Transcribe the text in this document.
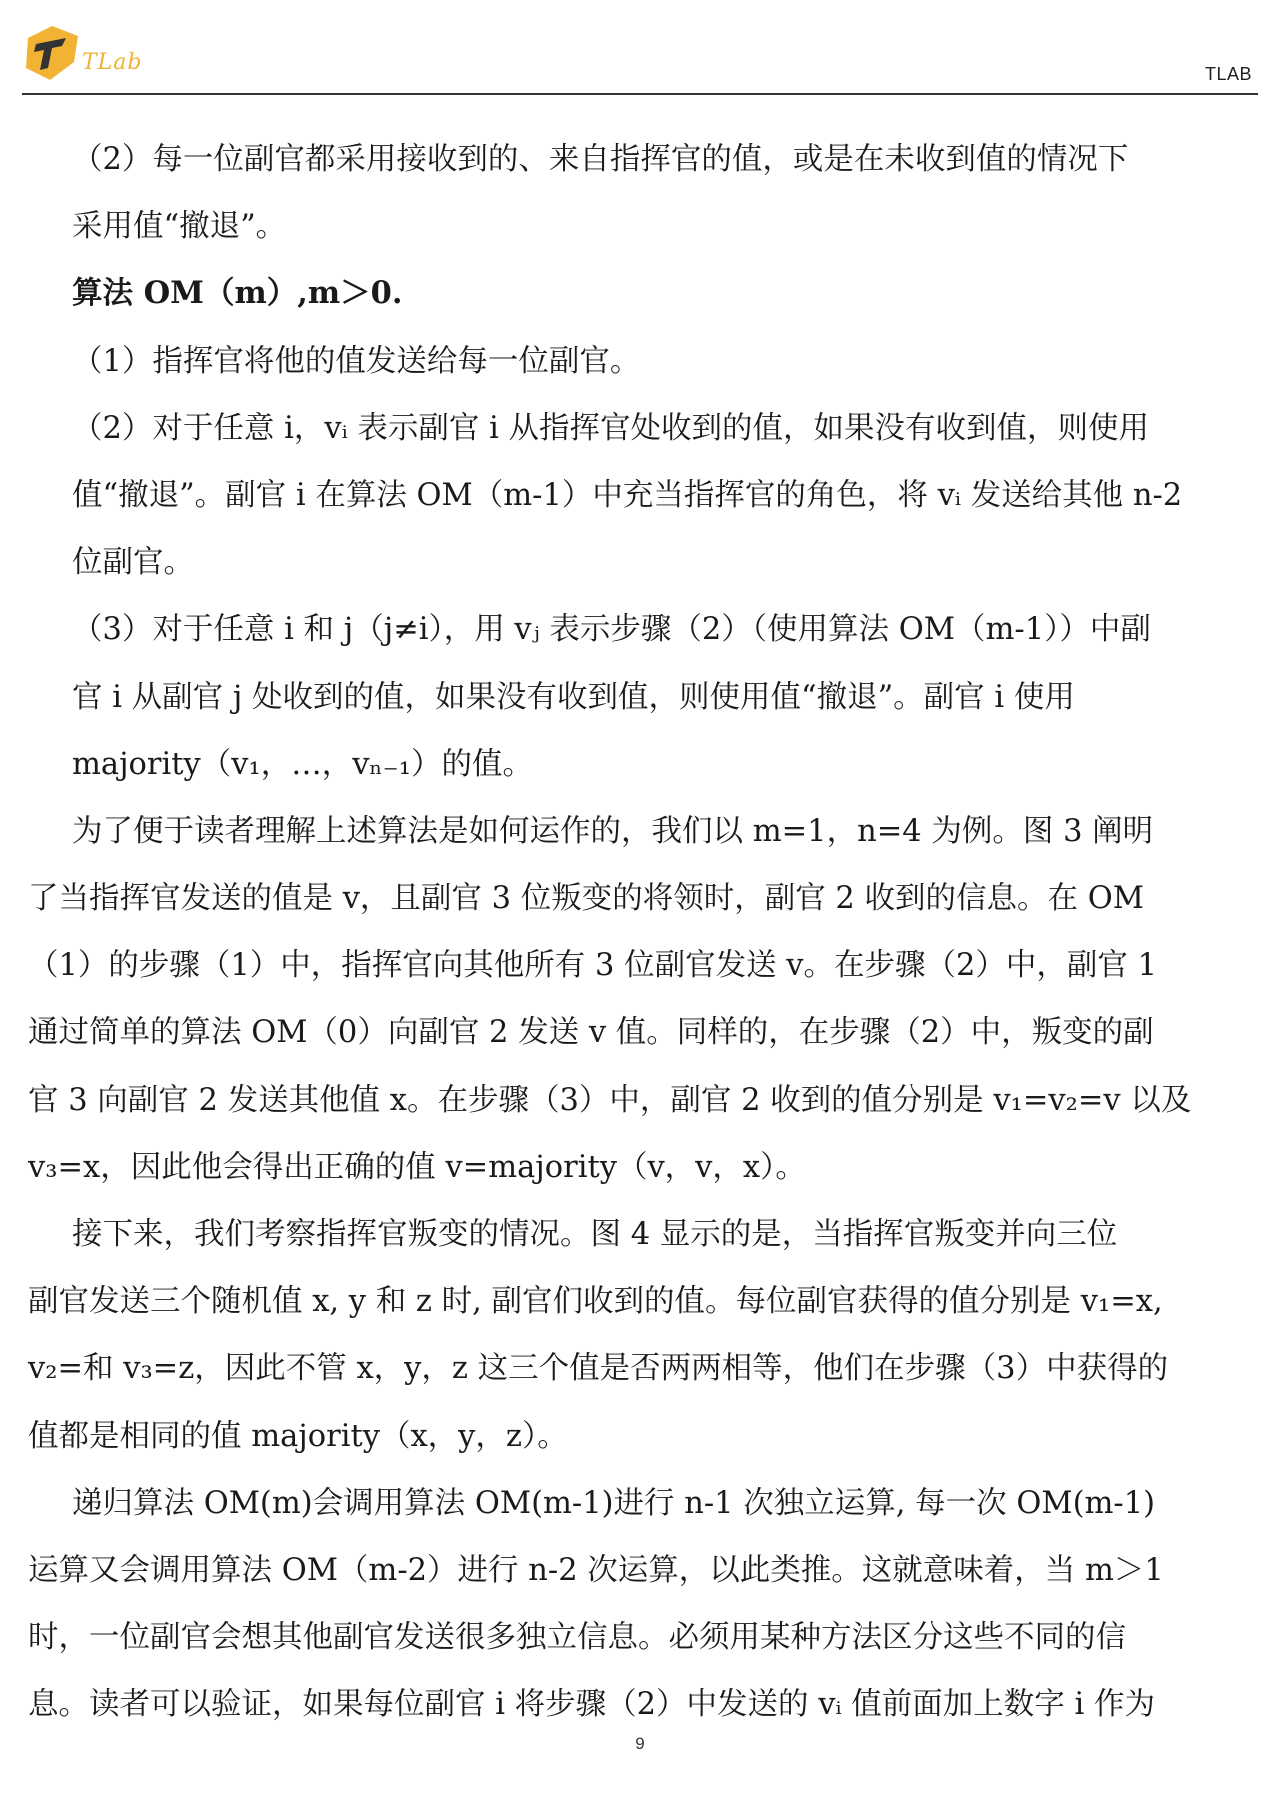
TLab	TLAB
（2）每一位副官都采用接收到的、来自指挥官的值，或是在未收到值的情况下
采用值“撤退”。
算法 OM（m）,m＞0.
（1）指挥官将他的值发送给每一位副官。
（2）对于任意 i，vᵢ 表示副官 i 从指挥官处收到的值，如果没有收到值，则使用
值“撤退”。副官 i 在算法 OM（m-1）中充当指挥官的角色，将 vᵢ 发送给其他 n-2
位副官。
（3）对于任意 i 和 j（j≠i），用 vⱼ 表示步骤（2）（使用算法 OM（m-1））中副
官 i 从副官 j 处收到的值，如果没有收到值，则使用值“撤退”。副官 i 使用
majority（v₁，…，vₙ₋₁）的值。
为了便于读者理解上述算法是如何运作的，我们以 m=1，n=4 为例。图 3 阐明
了当指挥官发送的值是 v，且副官 3 位叛变的将领时，副官 2 收到的信息。在 OM
（1）的步骤（1）中，指挥官向其他所有 3 位副官发送 v。在步骤（2）中，副官 1
通过简单的算法 OM（0）向副官 2 发送 v 值。同样的，在步骤（2）中，叛变的副
官 3 向副官 2 发送其他值 x。在步骤（3）中，副官 2 收到的值分别是 v₁=v₂=v 以及
v₃=x，因此他会得出正确的值 v=majority（v，v，x）。
接下来，我们考察指挥官叛变的情况。图 4 显示的是，当指挥官叛变并向三位
副官发送三个随机值 x, y 和 z 时, 副官们收到的值。每位副官获得的值分别是 v₁=x,
v₂=和 v₃=z，因此不管 x，y，z 这三个值是否两两相等，他们在步骤（3）中获得的
值都是相同的值 majority（x，y，z）。
递归算法 OM(m)会调用算法 OM(m-1)进行 n-1 次独立运算, 每一次 OM(m-1)
运算又会调用算法 OM（m-2）进行 n-2 次运算，以此类推。这就意味着，当 m＞1
时，一位副官会想其他副官发送很多独立信息。必须用某种方法区分这些不同的信
息。读者可以验证，如果每位副官 i 将步骤（2）中发送的 vᵢ 值前面加上数字 i 作为
9
